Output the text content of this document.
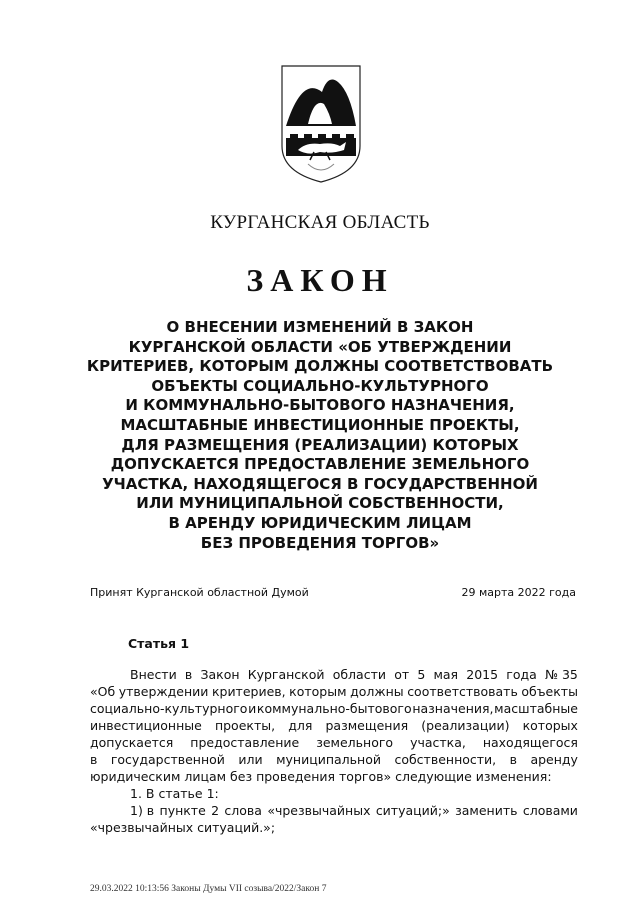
КУРГАНСКАЯ ОБЛАСТЬ
ЗАКОН
О ВНЕСЕНИИ ИЗМЕНЕНИЙ В ЗАКОН
КУРГАНСКОЙ ОБЛАСТИ «ОБ УТВЕРЖДЕНИИ
КРИТЕРИЕВ, КОТОРЫМ ДОЛЖНЫ СООТВЕТСТВОВАТЬ
ОБЪЕКТЫ СОЦИАЛЬНО-КУЛЬТУРНОГО
И КОММУНАЛЬНО-БЫТОВОГО НАЗНАЧЕНИЯ,
МАСШТАБНЫЕ ИНВЕСТИЦИОННЫЕ ПРОЕКТЫ,
ДЛЯ РАЗМЕЩЕНИЯ (РЕАЛИЗАЦИИ) КОТОРЫХ
ДОПУСКАЕТСЯ ПРЕДОСТАВЛЕНИЕ ЗЕМЕЛЬНОГО
УЧАСТКА, НАХОДЯЩЕГОСЯ В ГОСУДАРСТВЕННОЙ
ИЛИ МУНИЦИПАЛЬНОЙ СОБСТВЕННОСТИ,
В АРЕНДУ ЮРИДИЧЕСКИМ ЛИЦАМ
БЕЗ ПРОВЕДЕНИЯ ТОРГОВ»
Принят Курганской областной Думой	29 марта 2022 года
Статья 1
Внести в Закон Курганской области от 5 мая 2015 года № 35
«Об утверждении критериев, которым должны соответствовать объекты
социально-культурного и коммунально-бытового назначения, масштабные
инвестиционные проекты, для размещения (реализации) которых
допускается предоставление земельного участка, находящегося
в государственной или муниципальной собственности, в аренду
юридическим лицам без проведения торгов» следующие изменения:
1. В статье 1:
1) в пункте 2 слова «чрезвычайных ситуаций;» заменить словами
«чрезвычайных ситуаций.»;
29.03.2022 10:13:56 Законы Думы VII созыва/2022/Закон 7
